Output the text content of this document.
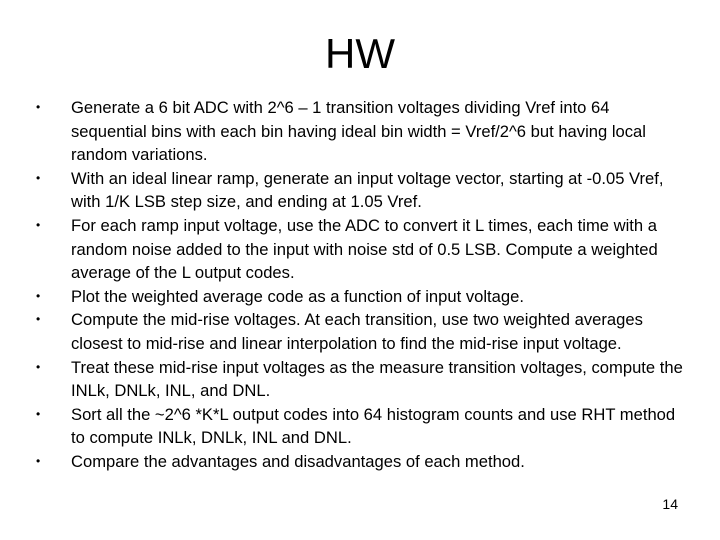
HW
•	Generate a 6 bit ADC with 2^6 – 1 transition voltages dividing Vref into 64 sequential bins with each bin having ideal bin width = Vref/2^6 but having local random variations.
•	With an ideal linear ramp, generate an input voltage vector, starting at -0.05 Vref, with 1/K LSB step size, and ending at 1.05 Vref.
•	For each ramp input voltage, use the ADC to convert it L times, each time with a random noise added to the input with noise std of 0.5 LSB. Compute a weighted average of the L output codes.
•	Plot the weighted average code as a function of input voltage.
•	Compute the mid-rise voltages. At each transition, use two weighted averages closest to mid-rise and linear interpolation to find the mid-rise input voltage.
•	Treat these mid-rise input voltages as the measure transition voltages, compute the INLk, DNLk, INL, and DNL.
•	Sort all the ~2^6 *K*L output codes into 64 histogram counts and use RHT method to compute INLk, DNLk, INL and DNL.
•	Compare the advantages and disadvantages of each method.
14
